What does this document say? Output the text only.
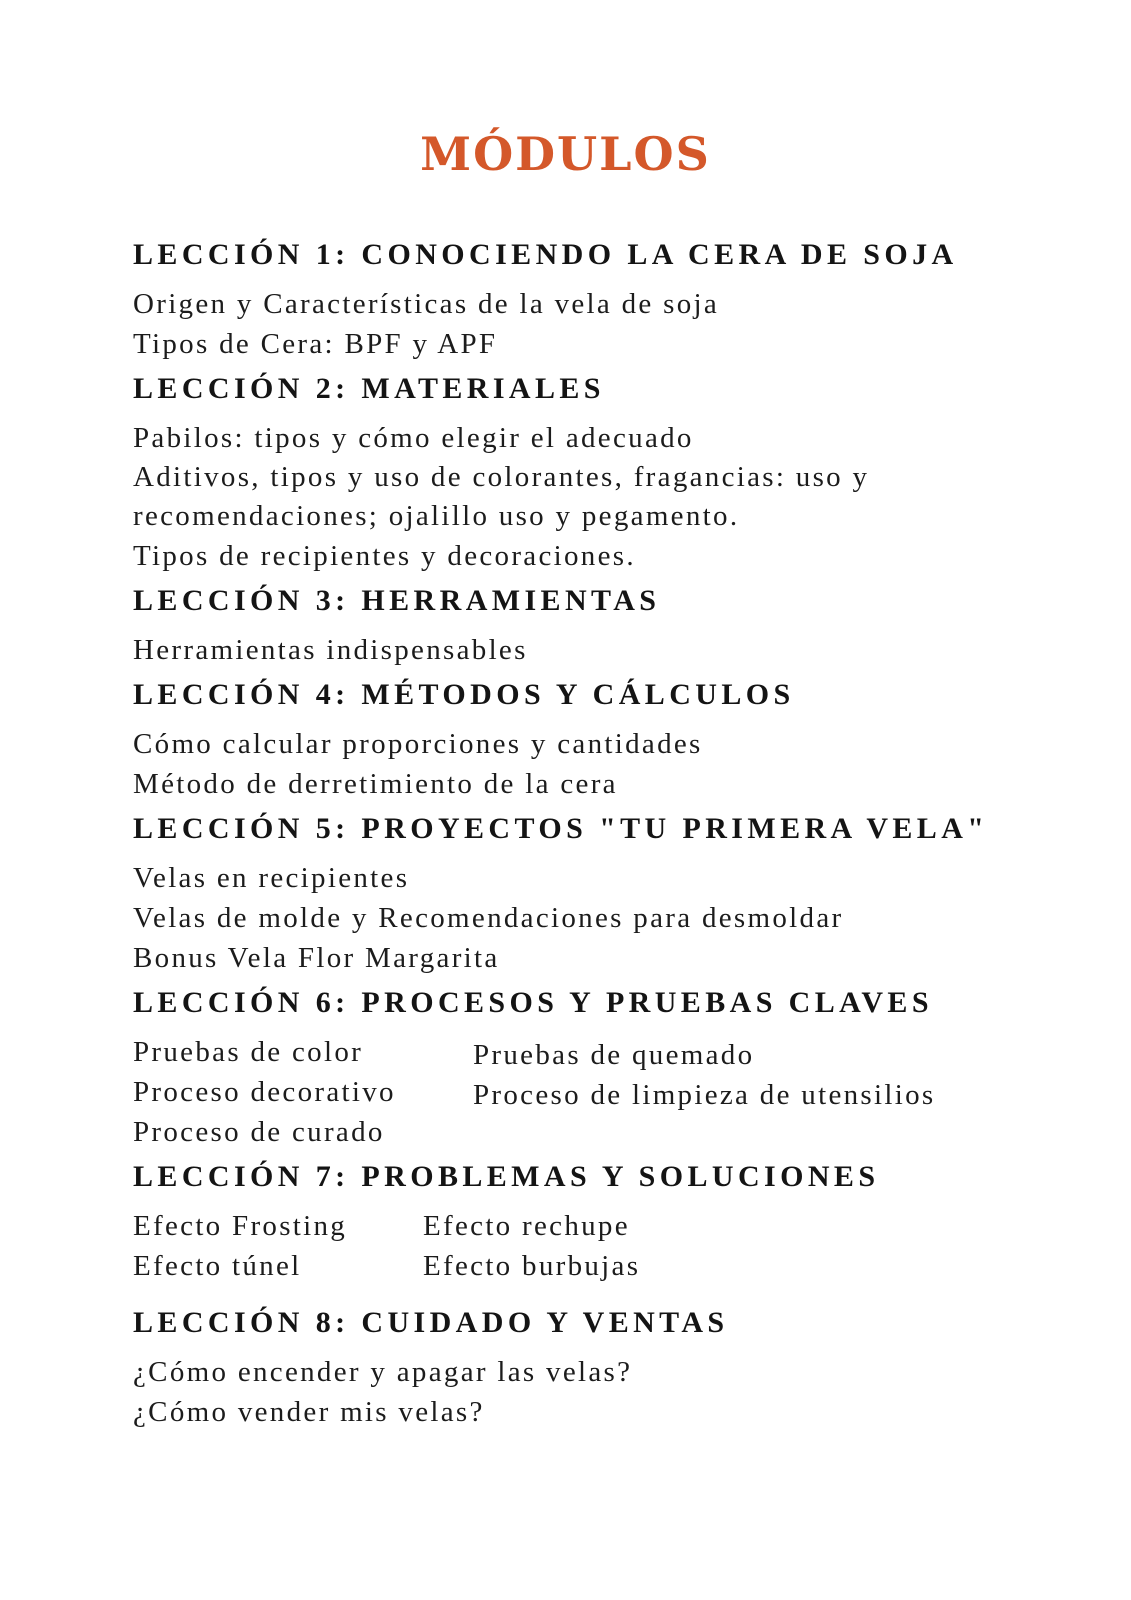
MÓDULOS
LECCIÓN 1: CONOCIENDO LA CERA DE SOJA
Origen y Características de la vela de soja
Tipos de Cera: BPF y APF
LECCIÓN 2: MATERIALES
Pabilos: tipos y cómo elegir el adecuado
Aditivos, tipos y uso de colorantes, fragancias: uso y recomendaciones; ojalillo uso y pegamento.
Tipos de recipientes y decoraciones.
LECCIÓN 3: HERRAMIENTAS
Herramientas indispensables
LECCIÓN 4: MÉTODOS Y CÁLCULOS
Cómo calcular proporciones y cantidades
Método de derretimiento de la cera
LECCIÓN 5: PROYECTOS "TU PRIMERA VELA"
Velas en recipientes
Velas de molde y Recomendaciones para desmoldar
Bonus Vela Flor Margarita
LECCIÓN 6: PROCESOS Y PRUEBAS CLAVES
Pruebas de color
Proceso decorativo
Proceso de curado
Pruebas de quemado
Proceso de limpieza de utensilios
LECCIÓN 7: PROBLEMAS Y SOLUCIONES
Efecto Frosting
Efecto túnel
Efecto rechupe
Efecto burbujas
LECCIÓN 8: CUIDADO Y VENTAS
¿Cómo encender y apagar las velas?
¿Cómo vender mis velas?
